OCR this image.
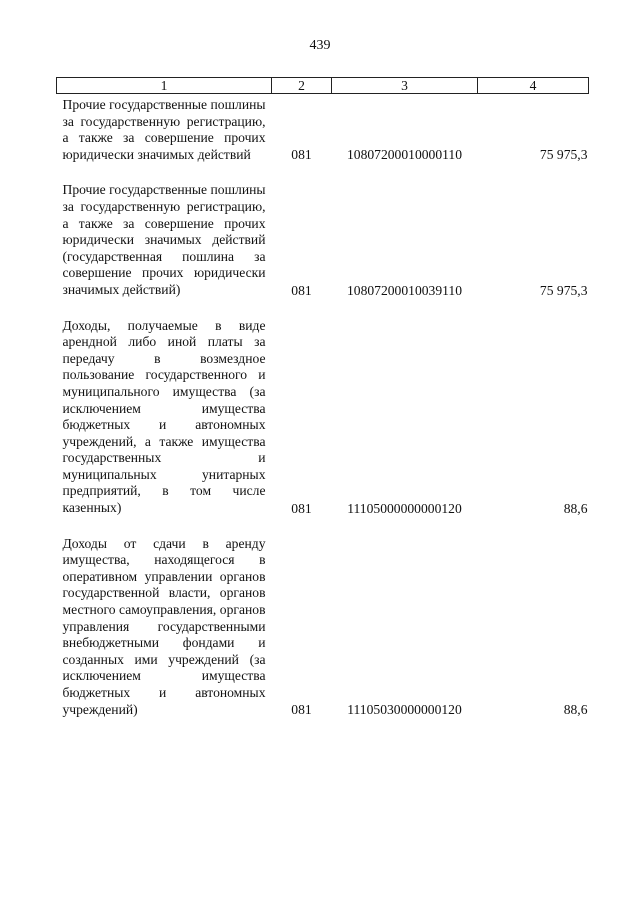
439
1	2	3	4
Прочие государственные пошлины за государственную регистрацию, а также за совершение прочих юридически значимых действий	081	10807200010000110	75 975,3

Прочие государственные пошлины за государственную регистрацию, а также за совершение прочих юридически значимых действий (государственная пошлина за совершение прочих юридически значимых действий)	081	10807200010039110	75 975,3

Доходы, получаемые в виде арендной либо иной платы за передачу в возмездное пользование государственного и муниципального имущества (за исключением имущества бюджетных и автономных учреждений, а также имущества государственных и муниципальных унитарных предприятий, в том числе казенных)	081	11105000000000120	88,6

Доходы от сдачи в аренду имущества, находящегося в оперативном управлении органов государственной власти, органов местного самоуправления, органов управления государственными внебюджетными фондами и созданных ими учреждений (за исключением имущества бюджетных и автономных учреждений)	081	11105030000000120	88,6
